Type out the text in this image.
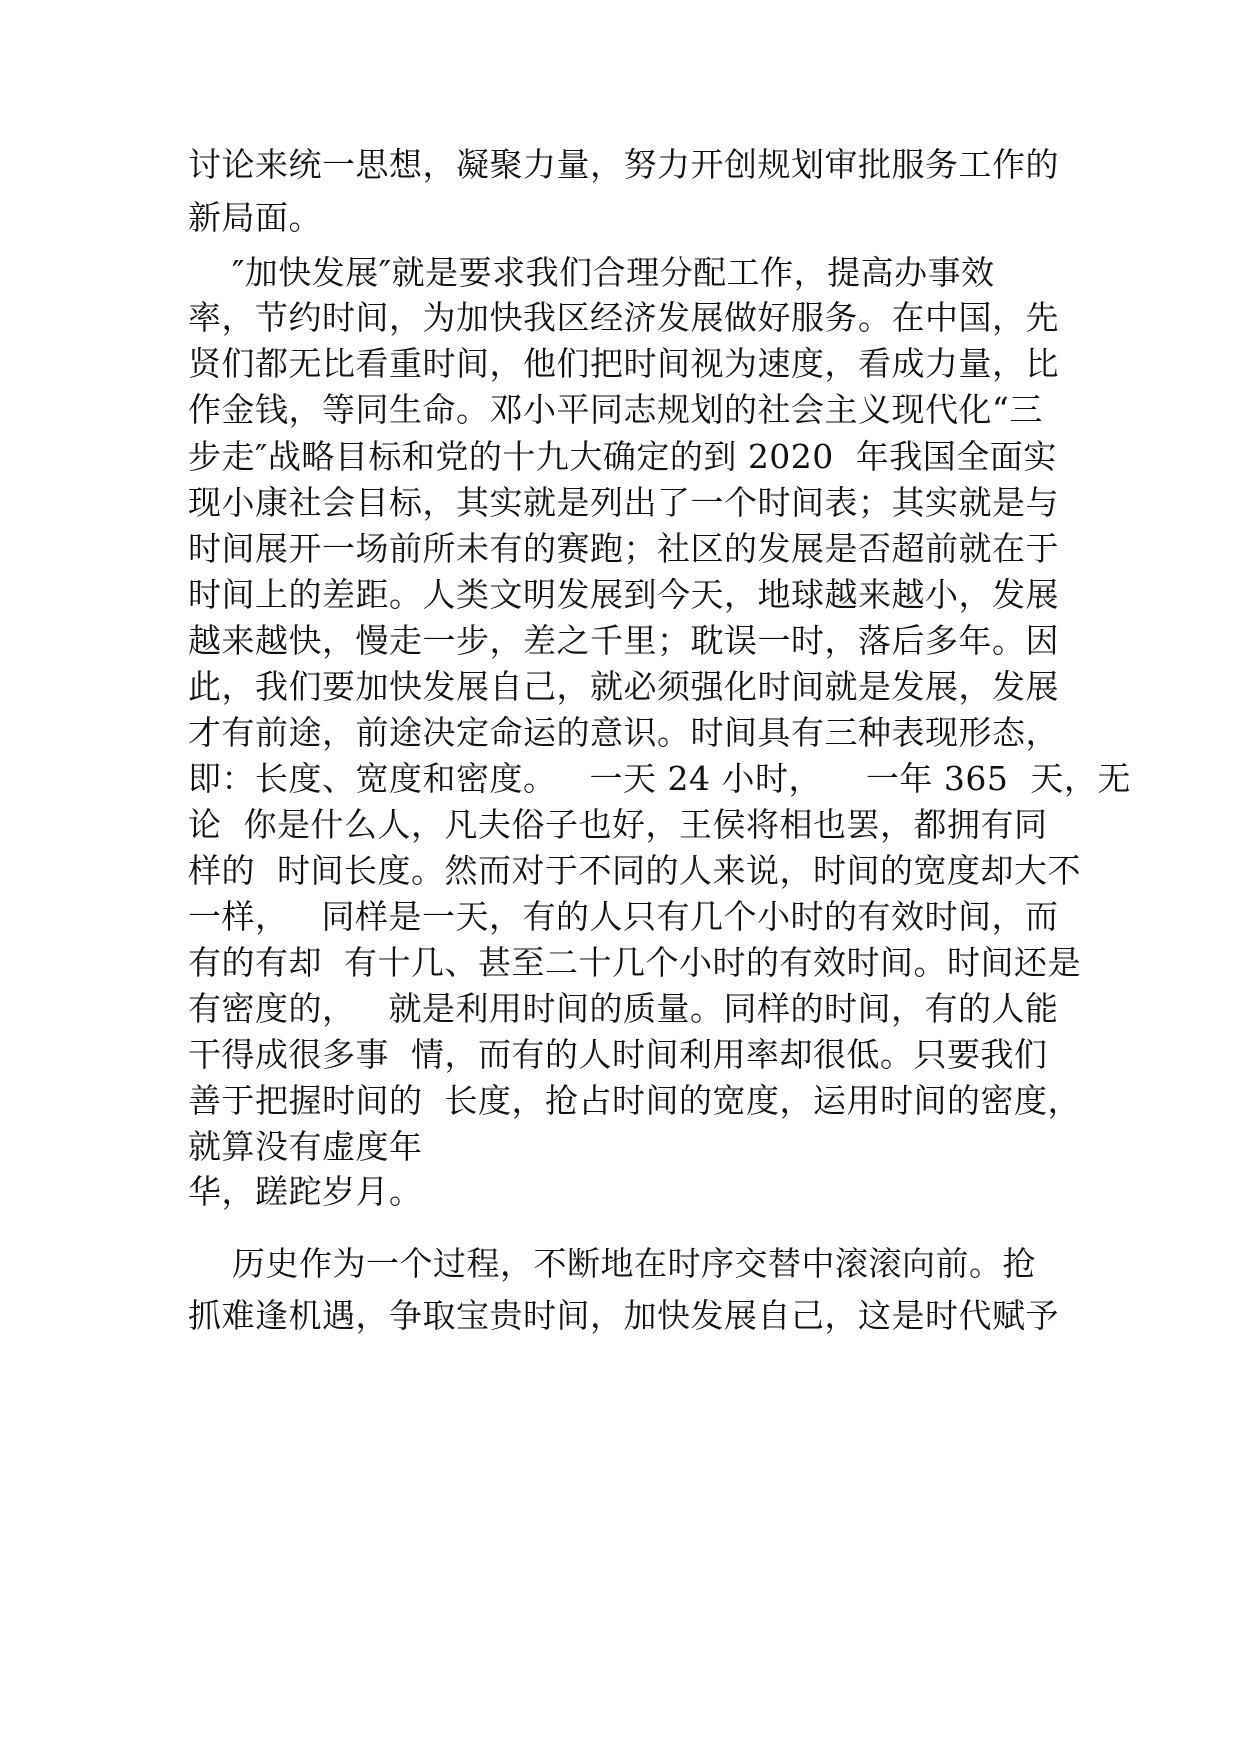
讨论来统一思想，凝聚力量，努力开创规划审批服务工作的
新局面。
″加快发展″就是要求我们合理分配工作，提高办事效
率，节约时间，为加快我区经济发展做好服务。在中国，先
贤们都无比看重时间，他们把时间视为速度，看成力量，比
作金钱，等同生命。邓小平同志规划的社会主义现代化“三
步走″战略目标和党的十九大确定的到 2020  年我国全面实
现小康社会目标，其实就是列出了一个时间表；其实就是与
时间展开一场前所未有的赛跑；社区的发展是否超前就在于
时间上的差距。人类文明发展到今天，地球越来越小，发展
越来越快，慢走一步，差之千里；耽误一时，落后多年。因
此，我们要加快发展自己，就必须强化时间就是发展，发展
才有前途，前途决定命运的意识。时间具有三种表现形态，
即：长度、宽度和密度。   一天 24 小时，    一年 365  天，无
论  你是什么人，凡夫俗子也好，王侯将相也罢，都拥有同
样的  时间长度。然而对于不同的人来说，时间的宽度却大不
一样，   同样是一天，有的人只有几个小时的有效时间，而
有的有却  有十几、甚至二十几个小时的有效时间。时间还是
有密度的，   就是利用时间的质量。同样的时间，有的人能
干得成很多事  情，而有的人时间利用率却很低。只要我们
善于把握时间的  长度，抢占时间的宽度，运用时间的密度，
就算没有虚度年
华，蹉跎岁月。
历史作为一个过程，不断地在时序交替中滚滚向前。抢
抓难逢机遇，争取宝贵时间，加快发展自己，这是时代赋予
